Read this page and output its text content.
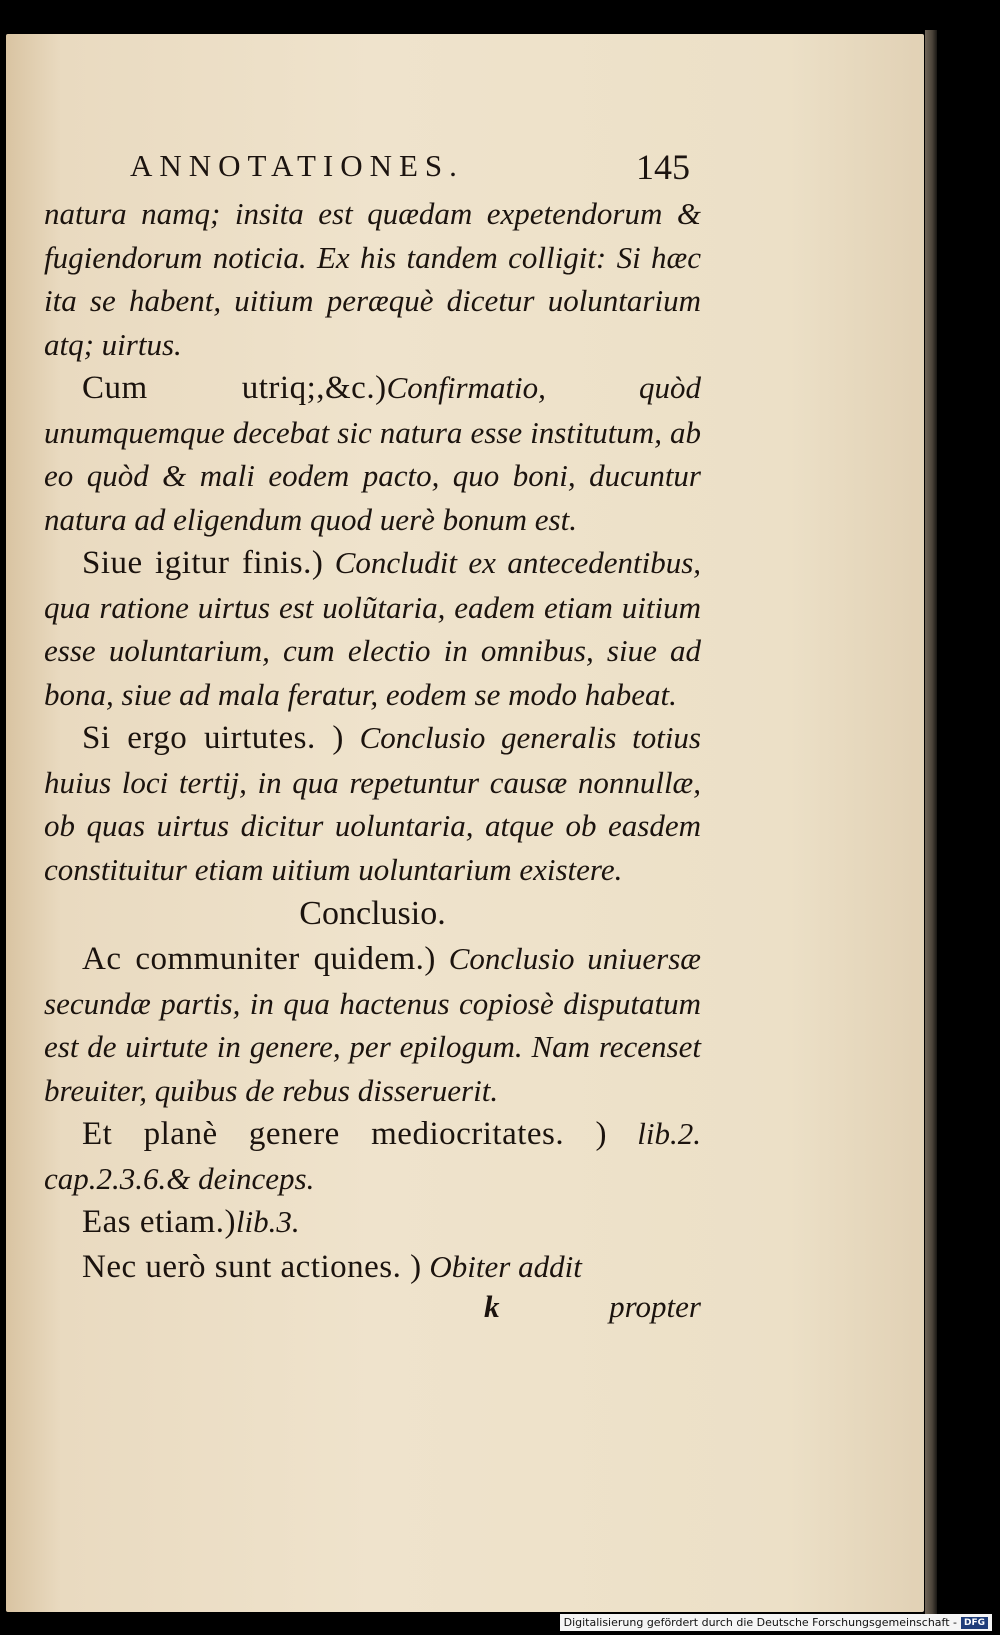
ANNOTATIONES.	145

natura namq; insita est quædam expetendorum & fugiendorum noticia. Ex his tandem colligit: Si hæc ita se habent, uitium peræquè dicetur uoluntarium atq; uirtus.

Cum utriq;,&c.)Confirmatio, quòd unumquemque decebat sic natura esse institutum, ab eo quòd & mali eodem pacto, quo boni, ducuntur natura ad eligendum quod uerè bonum est.

Siue igitur finis.) Concludit ex antecedentibus, qua ratione uirtus est uolũtaria, eadem etiam uitium esse uoluntarium, cum electio in omnibus, siue ad bona, siue ad mala feratur, eodem se modo habeat.

Si ergo uirtutes. ) Conclusio generalis totius huius loci tertij, in qua repetuntur causæ nonnullæ, ob quas uirtus dicitur uoluntaria, atque ob easdem constituitur etiam uitium uoluntarium existere.

Conclusio.

Ac communiter quidem.) Conclusio uniuersæ secundæ partis, in qua hactenus copiosè disputatum est de uirtute in genere, per epilogum. Nam recenset breuiter, quibus de rebus disseruerit.

Et planè genere mediocritates. ) lib.2. cap.2.3.6.& deinceps.

Eas etiam.)lib.3.

Nec uerò sunt actiones. ) Obiter addit

k	propter
Digitalisierung gefördert durch die Deutsche Forschungsgemeinschaft - DFG
